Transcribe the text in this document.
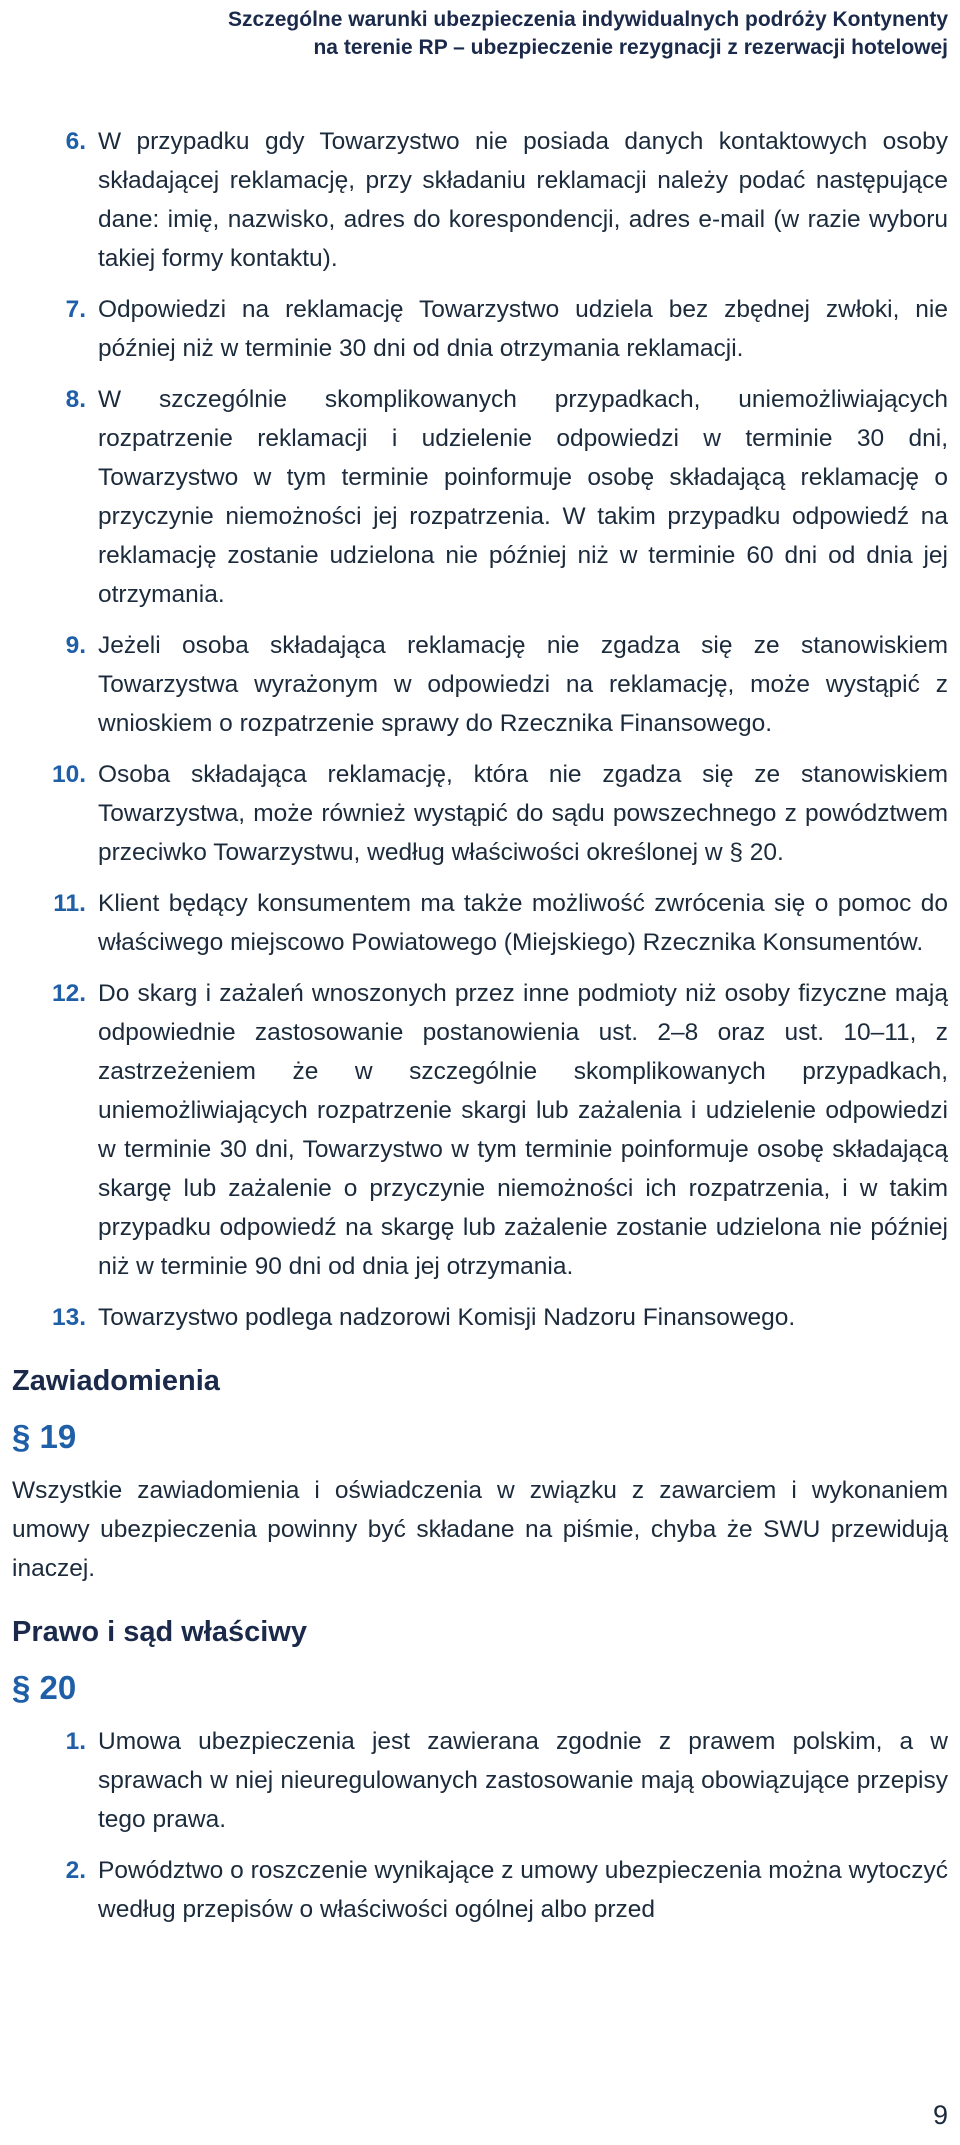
Szczególne warunki ubezpieczenia indywidualnych podróży Kontynenty
na terenie RP – ubezpieczenie rezygnacji z rezerwacji hotelowej
6. W przypadku gdy Towarzystwo nie posiada danych kontaktowych osoby składającej reklamację, przy składaniu reklamacji należy podać następujące dane: imię, nazwisko, adres do korespondencji, adres e-mail (w razie wyboru takiej formy kontaktu).
7. Odpowiedzi na reklamację Towarzystwo udziela bez zbędnej zwłoki, nie później niż w terminie 30 dni od dnia otrzymania reklamacji.
8. W szczególnie skomplikowanych przypadkach, uniemożliwiających rozpatrzenie reklamacji i udzielenie odpowiedzi w terminie 30 dni, Towarzystwo w tym terminie poinformuje osobę składającą reklamację o przyczynie niemożności jej rozpatrzenia. W takim przypadku odpowiedź na reklamację zostanie udzielona nie później niż w terminie 60 dni od dnia jej otrzymania.
9. Jeżeli osoba składająca reklamację nie zgadza się ze stanowiskiem Towarzystwa wyrażonym w odpowiedzi na reklamację, może wystąpić z wnioskiem o rozpatrzenie sprawy do Rzecznika Finansowego.
10. Osoba składająca reklamację, która nie zgadza się ze stanowiskiem Towarzystwa, może również wystąpić do sądu powszechnego z powództwem przeciwko Towarzystwu, według właściwości określonej w § 20.
11. Klient będący konsumentem ma także możliwość zwrócenia się o pomoc do właściwego miejscowo Powiatowego (Miejskiego) Rzecznika Konsumentów.
12. Do skarg i zażaleń wnoszonych przez inne podmioty niż osoby fizyczne mają odpowiednie zastosowanie postanowienia ust. 2–8 oraz ust. 10–11, z zastrzeżeniem że w szczególnie skomplikowanych przypadkach, uniemożliwiających rozpatrzenie skargi lub zażalenia i udzielenie odpowiedzi w terminie 30 dni, Towarzystwo w tym terminie poinformuje osobę składającą skargę lub zażalenie o przyczynie niemożności ich rozpatrzenia, i w takim przypadku odpowiedź na skargę lub zażalenie zostanie udzielona nie później niż w terminie 90 dni od dnia jej otrzymania.
13. Towarzystwo podlega nadzorowi Komisji Nadzoru Finansowego.
Zawiadomienia
§ 19

Wszystkie zawiadomienia i oświadczenia w związku z zawarciem i wykonaniem umowy ubezpieczenia powinny być składane na piśmie, chyba że SWU przewidują inaczej.

Prawo i sąd właściwy
§ 20
1. Umowa ubezpieczenia jest zawierana zgodnie z prawem polskim, a w sprawach w niej nieuregulowanych zastosowanie mają obowiązujące przepisy tego prawa.
2. Powództwo o roszczenie wynikające z umowy ubezpieczenia można wytoczyć według przepisów o właściwości ogólnej albo przed
9
